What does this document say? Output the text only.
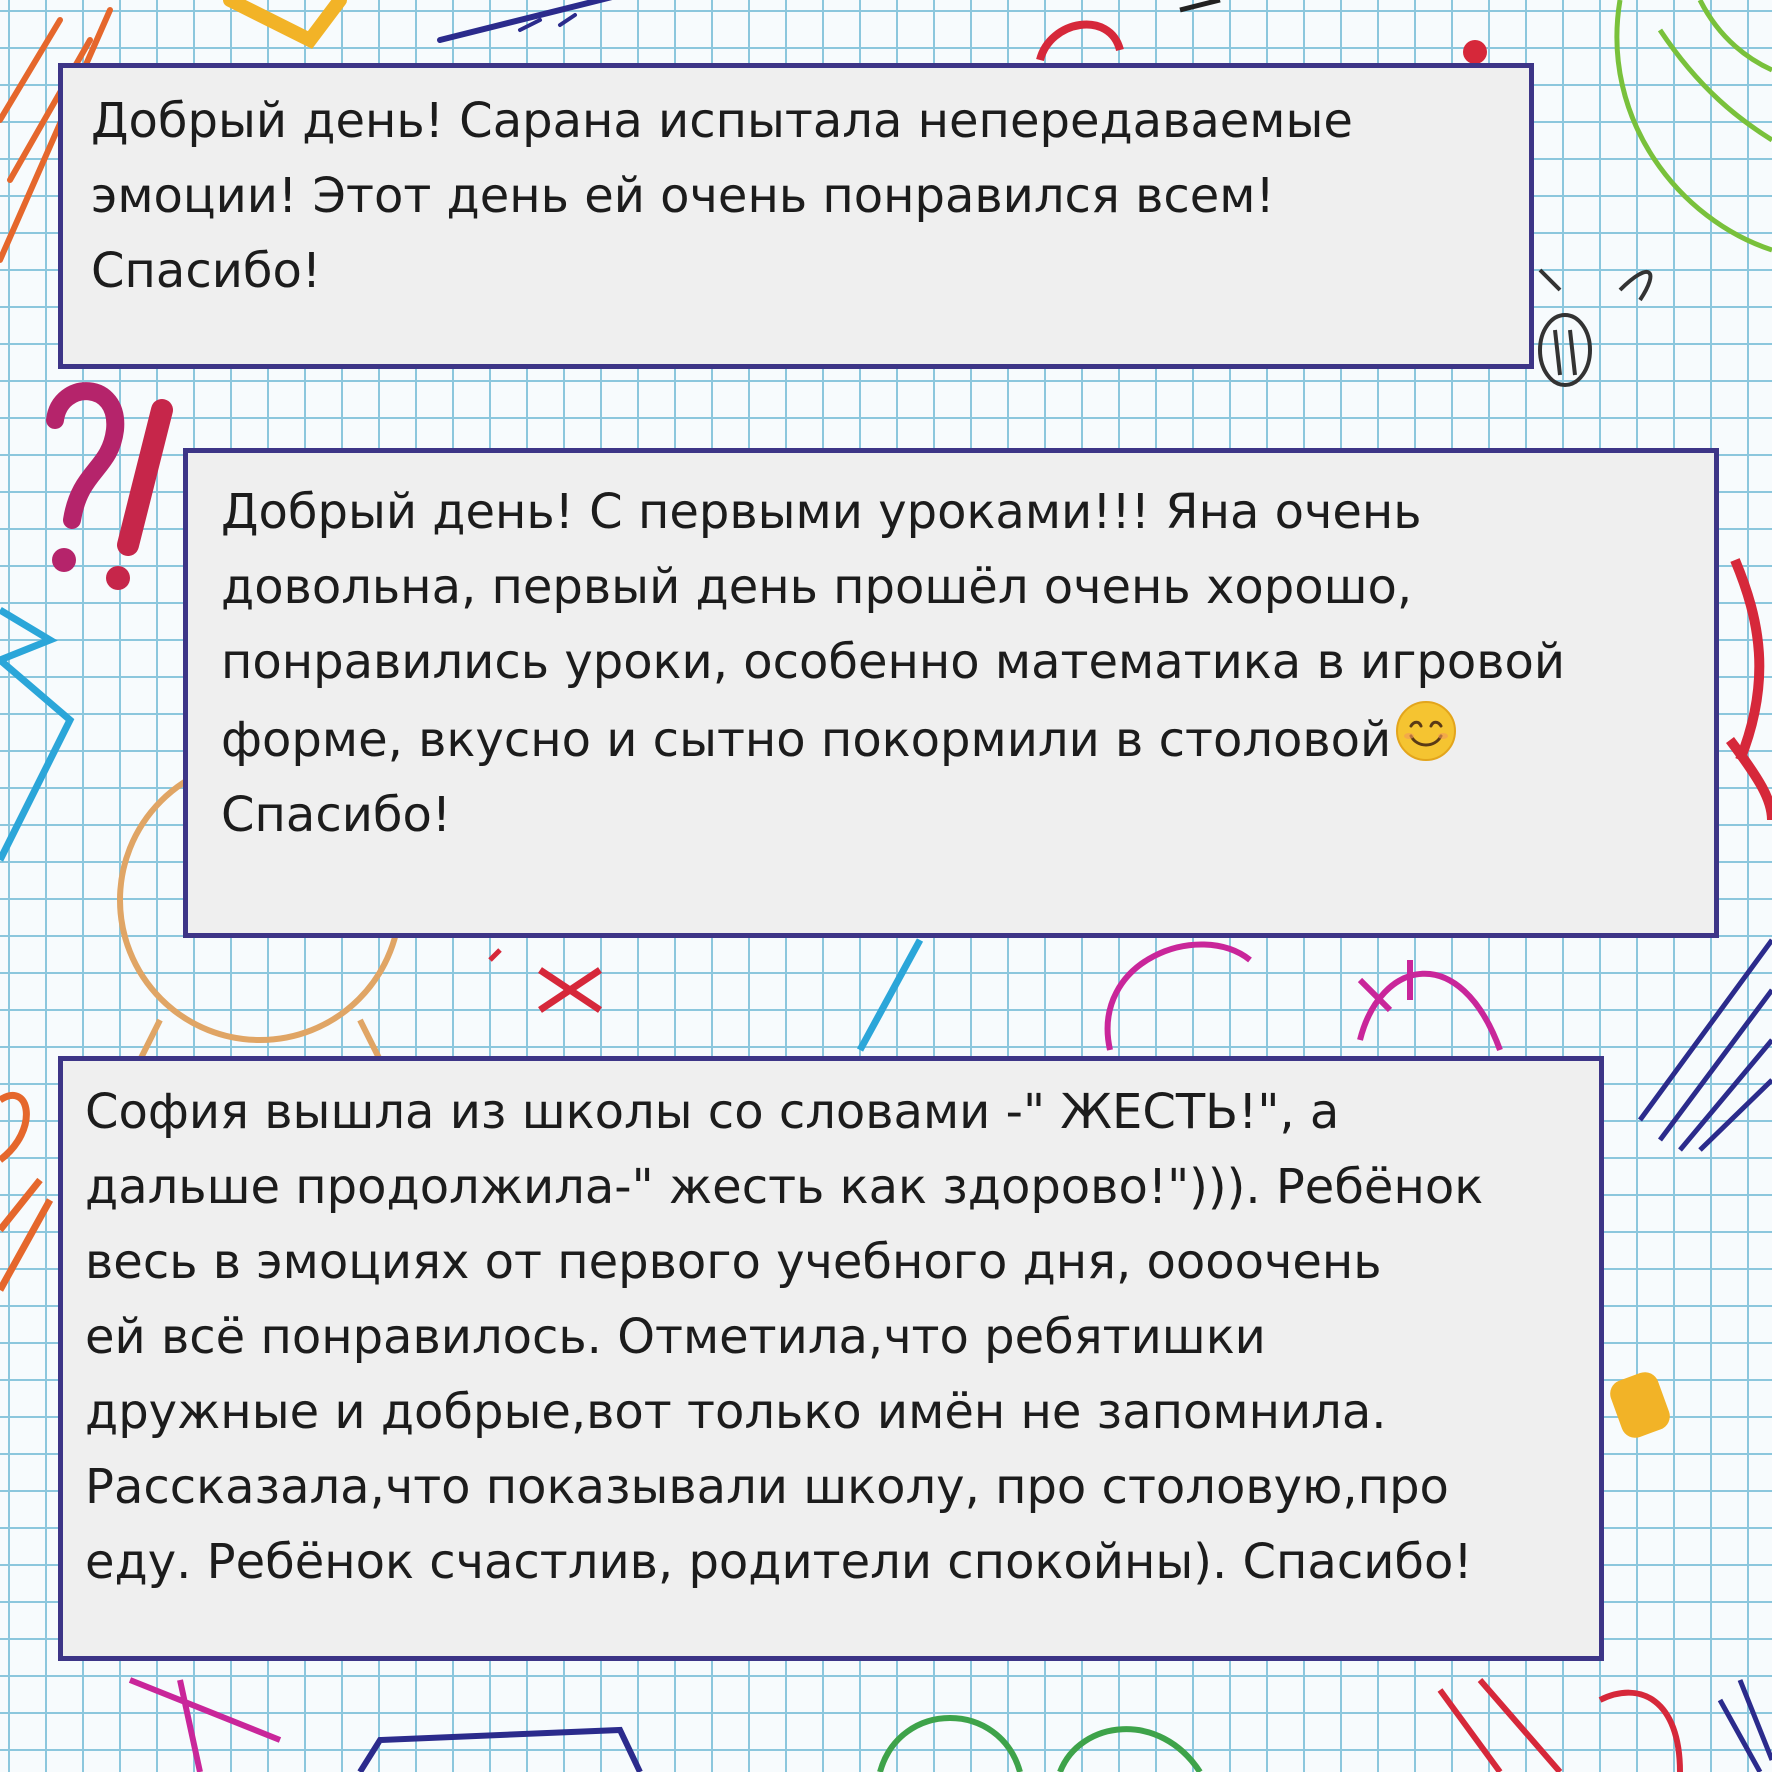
Добрый день! Сарана испытала непередаваемые
эмоции! Этот день ей очень понравился всем!
Спасибо!

Добрый день! С первыми уроками!!! Яна очень
довольна, первый день прошёл очень хорошо,
понравились уроки, особенно математика в игровой
форме, вкусно и сытно покормили в столовой
Спасибо!

София вышла из школы со словами -" ЖЕСТЬ!", а
дальше продолжила-" жесть как здорово!"))). Ребёнок
весь в эмоциях от первого учебного дня, оооочень
ей всё понравилось. Отметила,что ребятишки
дружные и добрые,вот только имён не запомнила.
Рассказала,что показывали школу, про столовую,про
еду. Ребёнок счастлив, родители спокойны). Спасибо!
